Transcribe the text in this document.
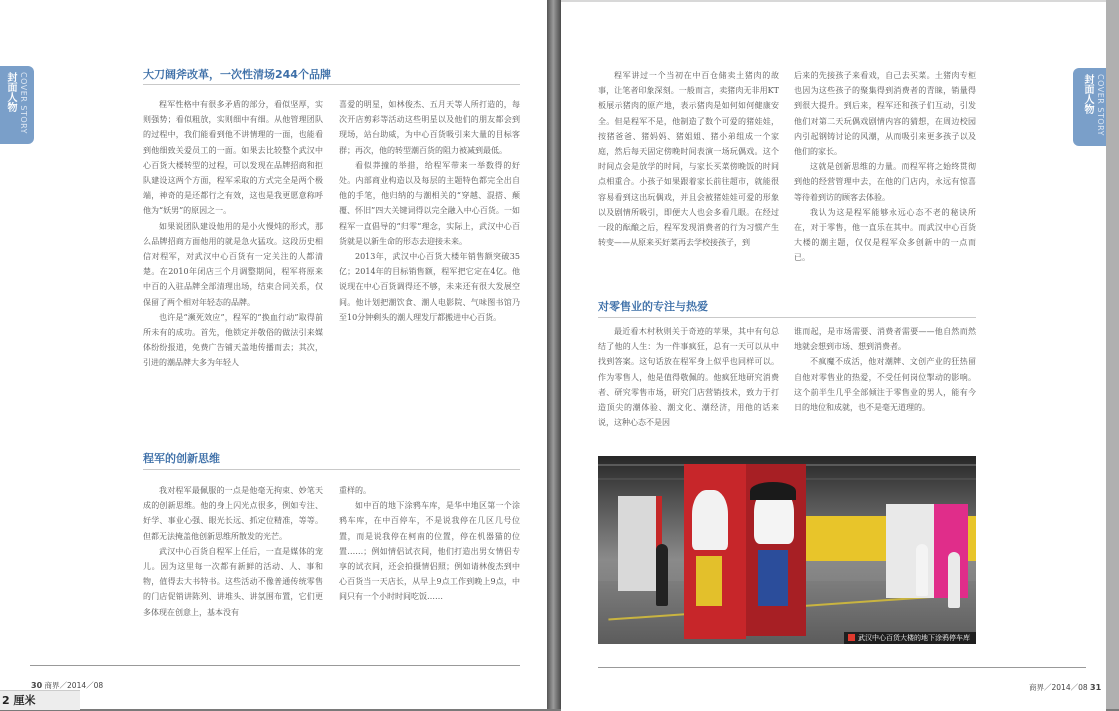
封面人物 COVER STORY	大刀阔斧改革，一次性清场244个品牌

程军性格中有很多矛盾的部分，看似坚厚，实则强势；看似粗放，实则细中有细。从他管理团队的过程中，我们能看到他不讲情理的一面，也能看到他细致关爱员工的一面。如果去比较整个武汉中心百货大楼转型的过程，可以发现在品牌招商和拒队建设这两个方面，程军采取的方式完全是两个极端，神奇的是还都行之有效，这也是我更愿意称呼他为“妖男”的原因之一。

如果说团队建设他用的是小火慢炖的形式，那么品牌招商方面他用的就是急火猛攻。这段历史相信对程军，对武汉中心百货有一定关注的人都清楚。在2010年闭店三个月调整期间，程军将原来中百的入驻品牌全部清理出场，结束合同关系，仅保留了两个相对年轻态的品牌。

也许是“濒死效应”，程军的“换血行动”取得前所未有的成功。首先，他锁定并敬俗的做法引来媒体纷纷报道，免费广告铺天盖地传播而去；其次，引进的潮品牌大多为年轻人

喜爱的明星，如林俊杰、五月天等人所打造的，每次开店剪彩等活动这些明星以及他们的朋友都会到现场，站台助威，为中心百货吸引来大量的目标客群；再次，他的转型潮百货的阻力被减到最低。

看似莽撞的举措，给程军带来一举数得的好处。内部商业构造以及每层的主题特色都完全出自他的手笔，他归纳的与潮相关的“穿越、混搭、颠覆、怀旧”四大关键词得以完全融入中心百货。一如程军一直倡导的“归零”理念，实际上，武汉中心百货就是以新生命的形态去迎接未来。

2013年，武汉中心百货大楼年销售额突破35亿；2014年的目标销售额，程军把它定在4亿。他说现在中心百货调得还不够，未来还有很大发展空间。他计划把潮饮食、潮人电影院、气味图书馆乃至10分钟剩头的潮人理发厅都搬进中心百货。

程军的创新思维

我对程军最佩服的一点是他毫无拘束、妙笔天成的创新思维。他的身上闪光点很多，例如专注、好学、事业心强、眼光长远、抓定位精准，等等。但都无法掩盖他创新思维所散发的光芒。

武汉中心百货自程军上任后，一直是媒体的宠儿。因为这里每一次都有新鲜的活动、人、事和物，值得去大书特书。这些活动不像普通传统零售的门店促销讲陈列、讲堆头、讲氛围布置，它们更多体现在创意上，基本没有

重样的。

如中百的地下涂鸦车库，是华中地区第一个涂鸦车库，在中百停车，不是说我停在几区几号位置，而是说我停在柯南的位置，停在机器猫的位置……；例如情侣试衣间，他们打造出男女情侣专享的试衣间，还会拍摄情侣照；例如请林俊杰到中心百货当一天店长，从早上9点工作到晚上9点，中间只有一个小时时间吃饭……

30 商界／2014／08
封面人物 COVER STORY

程军讲过一个当初在中百仓储卖土猪肉的故事，让笔者印象深刻。一般而言，卖猪肉无非用KT板展示猪肉的原产地，表示猪肉是如何如何健康安全。但是程军不是，他制造了数个可爱的猪娃娃，按猪爸爸、猪妈妈、猪姐姐、猪小弟组成一个家庭，然后每天固定傍晚时间表演一场玩偶戏。这个时间点会是放学的时间，与家长买菜傍晚饭的时间点相重合。小孩子如果跟着家长前往超市，就能很容易看到这出玩偶戏，并且会被猪娃娃可爱的形象以及剧情所吸引，即便大人也会多看几眼。在经过一段的酝酿之后，程军发现消费者的行为习惯产生转变——从原来买好菜再去学校接孩子，到

后来的先接孩子来看戏，自己去买菜。土猪肉专柜也因为这些孩子的聚集得到消费者的青睐，销量得到很大提升。到后来，程军还和孩子们互动，引发他们对第二天玩偶戏剧情内容的猜想，在周边校园内引起钢铸讨论的风潮，从而吸引来更多孩子以及他们的家长。

这就是创新思维的力量。而程军将之始终贯彻到他的经营管理中去，在他的门店内，永远有惊喜等待着到访的顾客去体验。

我认为这是程军能够永远心态不老的秘诀所在，对于零售，他一直乐在其中。而武汉中心百货大楼的潮主题，仅仅是程军众多创新中的一点而已。

对零售业的专注与热爱

最近看木村秋则关于奇迹的苹果，其中有句总结了他的人生：为一件事疯狂，总有一天可以从中找到答案。这句话放在程军身上似乎也同样可以。作为零售人，他是值得敬佩的。他疯狂地研究消费者、研究零售市场，研究门店营销技术，致力于打造顶尖的潮体验、潮文化、潮经济，用他的话来说，这种心态不是因

谁而起，是市场需要、消费者需要——他自然而然地就会想到市场、想到消费者。

不疯魔不成活，他对潮牌、文创产业的狂热留自他对零售业的热爱，不受任何岗位掣动的影响。这个前半生几乎全部倾注于零售业的男人，能有今日的地位和成就，也不是毫无道理的。

武汉中心百货大楼的地下涂鸦停车库
商界／2014／08 31
2 厘米
